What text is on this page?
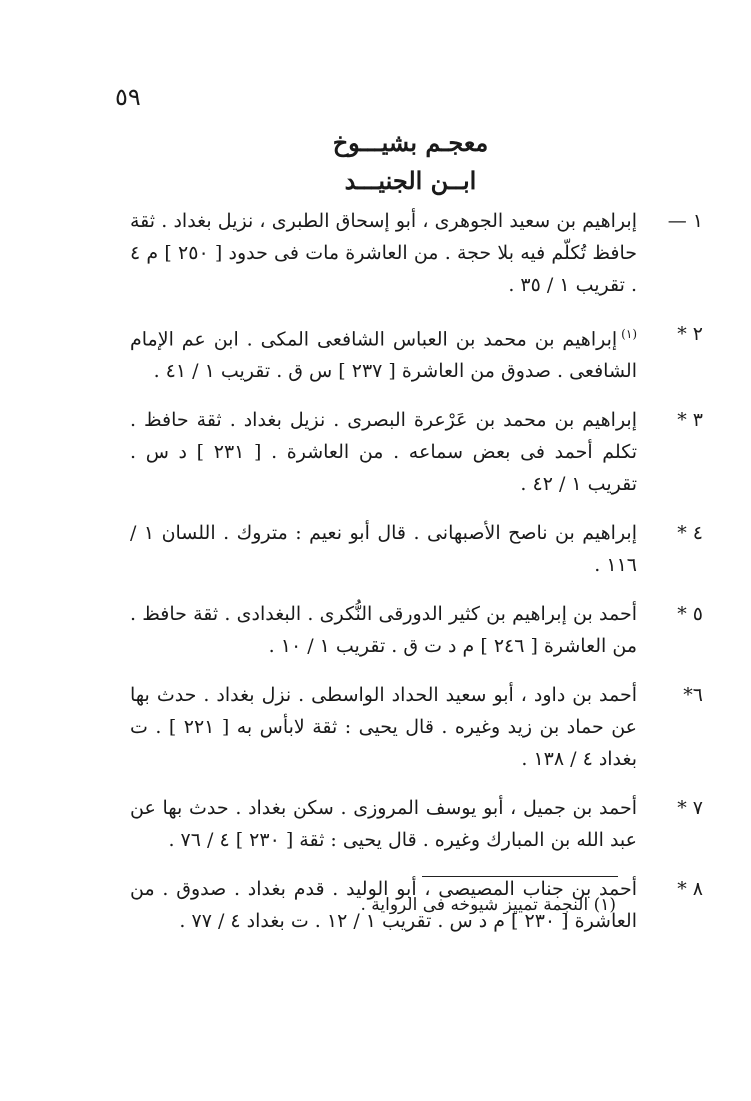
٥٩
معجـم بشيـــوخ
ابــن الجنيـــد
١ —
إبراهيم بن سعيد الجوهرى ، أبو إسحاق الطبرى ، نزيل بغداد . ثقة حافظ تُكلّم فيه بلا حجة . من العاشرة مات فى حدود [ ٢٥٠ ] م ٤ . تقريب ١ / ٣٥ .
٢ *
$^{(١)}$إبراهيم بن محمد بن العباس الشافعى المكى . ابن عم الإمام الشافعى . صدوق من العاشرة [ ٢٣٧ ] س ق . تقريب ١ / ٤١ .
٣ *
إبراهيم بن محمد بن عَرْعرة البصرى . نزيل بغداد . ثقة حافظ . تكلم أحمد فى بعض سماعه . من العاشرة . [ ٢٣١ ] د س . تقريب ١ / ٤٢ .
٤ *
إبراهيم بن ناصح الأصبهانى . قال أبو نعيم : متروك . اللسان ١ / ١١٦ .
٥ *
أحمد بن إبراهيم بن كثير الدورقى النُّكرى . البغدادى . ثقة حافظ . من العاشرة [ ٢٤٦ ] م د ت ق . تقريب ١ / ١٠ .
٦*
أحمد بن داود ، أبو سعيد الحداد الواسطى . نزل بغداد . حدث بها عن حماد بن زيد وغيره . قال يحيى : ثقة لابأس به [ ٢٢١ ] . ت بغداد ٤ / ١٣٨ .
٧ *
أحمد بن جميل ، أبو يوسف المروزى . سكن بغداد . حدث بها عن عبد الله بن المبارك وغيره . قال يحيى : ثقة [ ٢٣٠ ] ٤ / ٧٦ .
٨ *
أحمد بن جناب المصيصى ، أبو الوليد . قدم بغداد . صدوق . من العاشرة [ ٢٣٠ ] م د س . تقريب ١ / ١٢ . ت بغداد ٤ / ٧٧ .
(١) النجمة تمييز شيوخه فى الرواية .
